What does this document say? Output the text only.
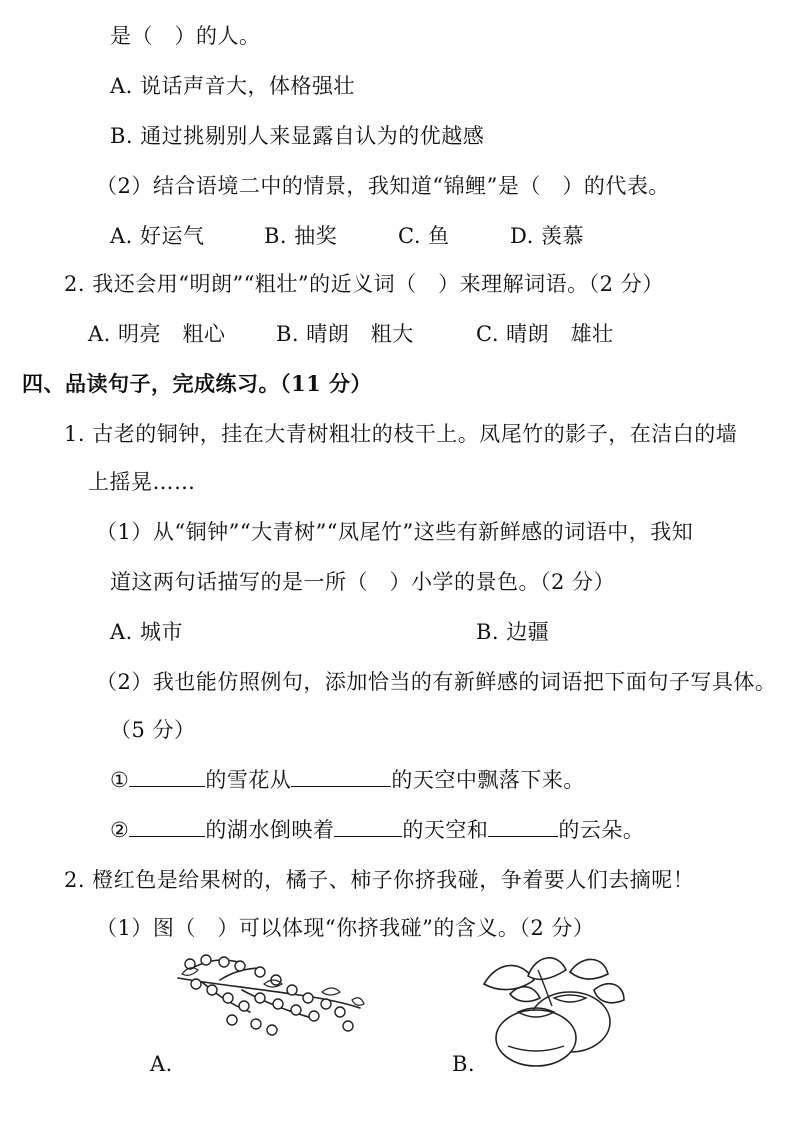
是（　）的人。
A. 说话声音大，体格强壮
B. 通过挑剔别人来显露自认为的优越感
（2）结合语境二中的情景，我知道“锦鲤”是（　）的代表。
A. 好运气	B. 抽奖	C. 鱼	D. 羡慕
2. 我还会用“明朗”“粗壮”的近义词（　）来理解词语。（2 分）
A. 明亮　粗心 B. 晴朗　粗大	C. 晴朗　雄壮
四、品读句子，完成练习。（11 分）
1. 古老的铜钟，挂在大青树粗壮的枝干上。凤尾竹的影子，在洁白的墙
上摇晃……
（1）从“铜钟”“大青树”“凤尾竹”这些有新鲜感的词语中，我知
道这两句话描写的是一所（　）小学的景色。（2 分）
A. 城市	B. 边疆
（2）我也能仿照例句，添加恰当的有新鲜感的词语把下面句子写具体。
（5 分）
①	的雪花从	的天空中飘落下来。
②	的湖水倒映着	的天空和	的云朵。
2. 橙红色是给果树的，橘子、柿子你挤我碰，争着要人们去摘呢！
（1）图（　）可以体现“你挤我碰”的含义。（2 分）
A.	B.
